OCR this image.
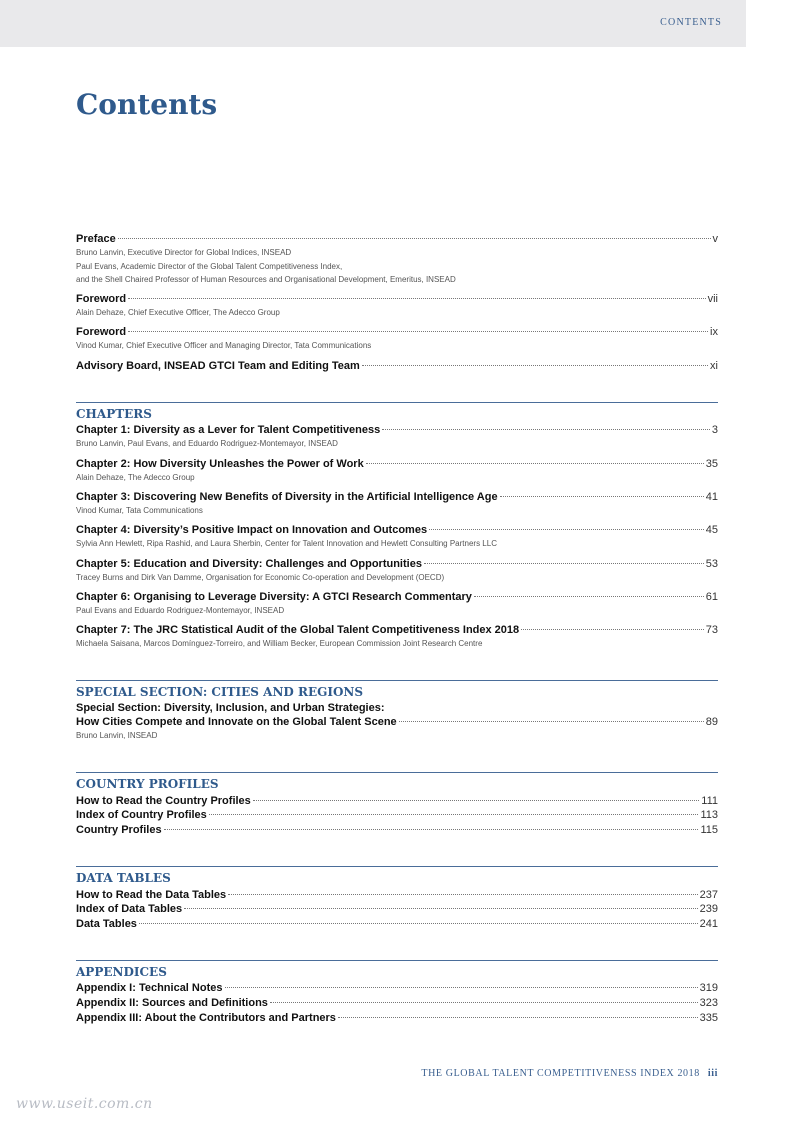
CONTENTS
Contents
Preface	v
Bruno Lanvin, Executive Director for Global Indices, INSEAD
Paul Evans, Academic Director of the Global Talent Competitiveness Index,
and the Shell Chaired Professor of Human Resources and Organisational Development, Emeritus, INSEAD
Foreword	vii
Alain Dehaze, Chief Executive Officer, The Adecco Group
Foreword	ix
Vinod Kumar, Chief Executive Officer and Managing Director, Tata Communications
Advisory Board, INSEAD GTCI Team and Editing Team	xi
CHAPTERS
Chapter 1: Diversity as a Lever for Talent Competitiveness	3
Bruno Lanvin, Paul Evans, and Eduardo Rodriguez-Montemayor, INSEAD
Chapter 2: How Diversity Unleashes the Power of Work	35
Alain Dehaze, The Adecco Group
Chapter 3: Discovering New Benefits of Diversity in the Artificial Intelligence Age	41
Vinod Kumar, Tata Communications
Chapter 4: Diversity’s Positive Impact on Innovation and Outcomes	45
Sylvia Ann Hewlett, Ripa Rashid, and Laura Sherbin, Center for Talent Innovation and Hewlett Consulting Partners LLC
Chapter 5: Education and Diversity: Challenges and Opportunities	53
Tracey Burns and Dirk Van Damme, Organisation for Economic Co-operation and Development (OECD)
Chapter 6: Organising to Leverage Diversity: A GTCI Research Commentary	61
Paul Evans and Eduardo Rodriguez-Montemayor, INSEAD
Chapter 7: The JRC Statistical Audit of the Global Talent Competitiveness Index 2018	73
Michaela Saisana, Marcos Domínguez-Torreiro, and William Becker, European Commission Joint Research Centre
SPECIAL SECTION: CITIES AND REGIONS
Special Section: Diversity, Inclusion, and Urban Strategies:
How Cities Compete and Innovate on the Global Talent Scene	89
Bruno Lanvin, INSEAD
COUNTRY PROFILES
How to Read the Country Profiles	111
Index of Country Profiles	113
Country Profiles	115
DATA TABLES
How to Read the Data Tables	237
Index of Data Tables	239
Data Tables	241
APPENDICES
Appendix I: Technical Notes	319
Appendix II: Sources and Definitions	323
Appendix III: About the Contributors and Partners	335
THE GLOBAL TALENT COMPETITIVENESS INDEX 2018 iii
www.useit.com.cn
